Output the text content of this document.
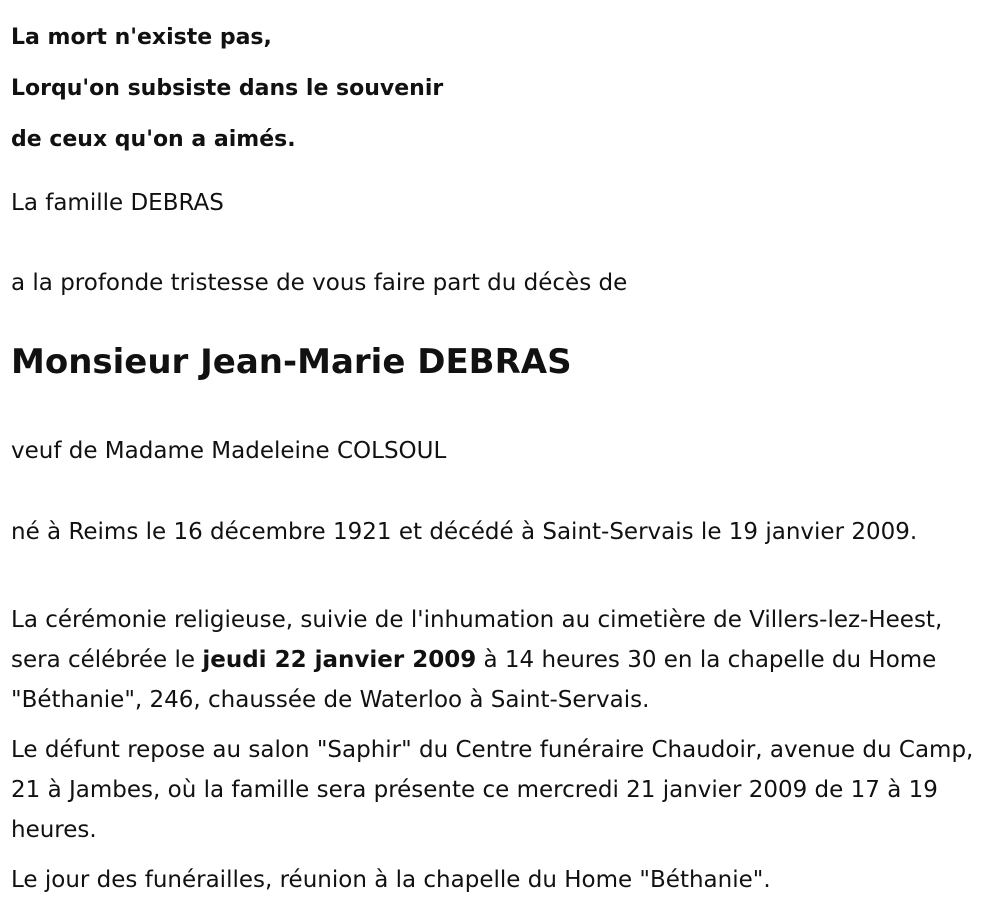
La mort n'existe pas,
Lorqu'on subsiste dans le souvenir
de ceux qu'on a aimés.
La famille DEBRAS
a la profonde tristesse de vous faire part du décès de
Monsieur Jean-Marie DEBRAS
veuf de Madame Madeleine COLSOUL
né à Reims le 16 décembre 1921 et décédé à Saint-Servais le 19 janvier 2009.
La cérémonie religieuse, suivie de l'inhumation au cimetière de Villers-lez-Heest, sera célébrée le jeudi 22 janvier 2009 à 14 heures 30 en la chapelle du Home "Béthanie", 246, chaussée de Waterloo à Saint-Servais.
Le défunt repose au salon "Saphir" du Centre funéraire Chaudoir, avenue du Camp, 21 à Jambes, où la famille sera présente ce mercredi 21 janvier 2009 de 17 à 19 heures.
Le jour des funérailles, réunion à la chapelle du Home "Béthanie".
